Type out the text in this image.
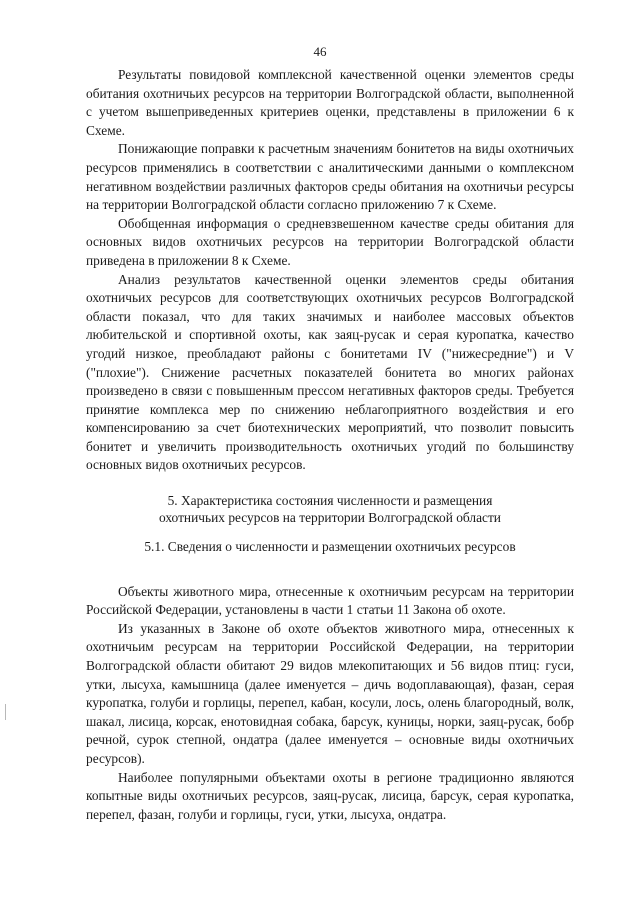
46

Результаты повидовой комплексной качественной оценки элементов среды обитания охотничьих ресурсов на территории Волгоградской области, выполненной с учетом вышеприведенных критериев оценки, представлены в приложении 6 к Схеме.

Понижающие поправки к расчетным значениям бонитетов на виды охотничьих ресурсов применялись в соответствии с аналитическими данными о комплексном негативном воздействии различных факторов среды обитания на охотничьи ресурсы на территории Волгоградской области согласно приложению 7 к Схеме.

Обобщенная информация о средневзвешенном качестве среды обитания для основных видов охотничьих ресурсов на территории Волгоградской области приведена в приложении 8 к Схеме.

Анализ результатов качественной оценки элементов среды обитания охотничьих ресурсов для соответствующих охотничьих ресурсов Волгоградской области показал, что для таких значимых и наиболее массовых объектов любительской и спортивной охоты, как заяц-русак и серая куропатка, качество угодий низкое, преобладают районы с бонитетами IV ("нижесредние") и V ("плохие"). Снижение расчетных показателей бонитета во многих районах произведено в связи с повышенным прессом негативных факторов среды. Требуется принятие комплекса мер по снижению неблагоприятного воздействия и его компенсированию за счет биотехнических мероприятий, что позволит повысить бонитет и увеличить производительность охотничьих угодий по большинству основных видов охотничьих ресурсов.

5. Характеристика состояния численности и размещения
охотничьих ресурсов на территории Волгоградской области
5.1. Сведения о численности и размещении охотничьих ресурсов

Объекты животного мира, отнесенные к охотничьим ресурсам на территории Российской Федерации, установлены в части 1 статьи 11 Закона об охоте.

Из указанных в Законе об охоте объектов животного мира, отнесенных к охотничьим ресурсам на территории Российской Федерации, на территории Волгоградской области обитают 29 видов млекопитающих и 56 видов птиц: гуси, утки, лысуха, камышница (далее именуется – дичь водоплавающая), фазан, серая куропатка, голуби и горлицы, перепел, кабан, косули, лось, олень благородный, волк, шакал, лисица, корсак, енотовидная собака, барсук, куницы, норки, заяц-русак, бобр речной, сурок степной, ондатра (далее именуется – основные виды охотничьих ресурсов).

Наиболее популярными объектами охоты в регионе традиционно являются копытные виды охотничьих ресурсов, заяц-русак, лисица, барсук, серая куропатка, перепел, фазан, голуби и горлицы, гуси, утки, лысуха, ондатра.
